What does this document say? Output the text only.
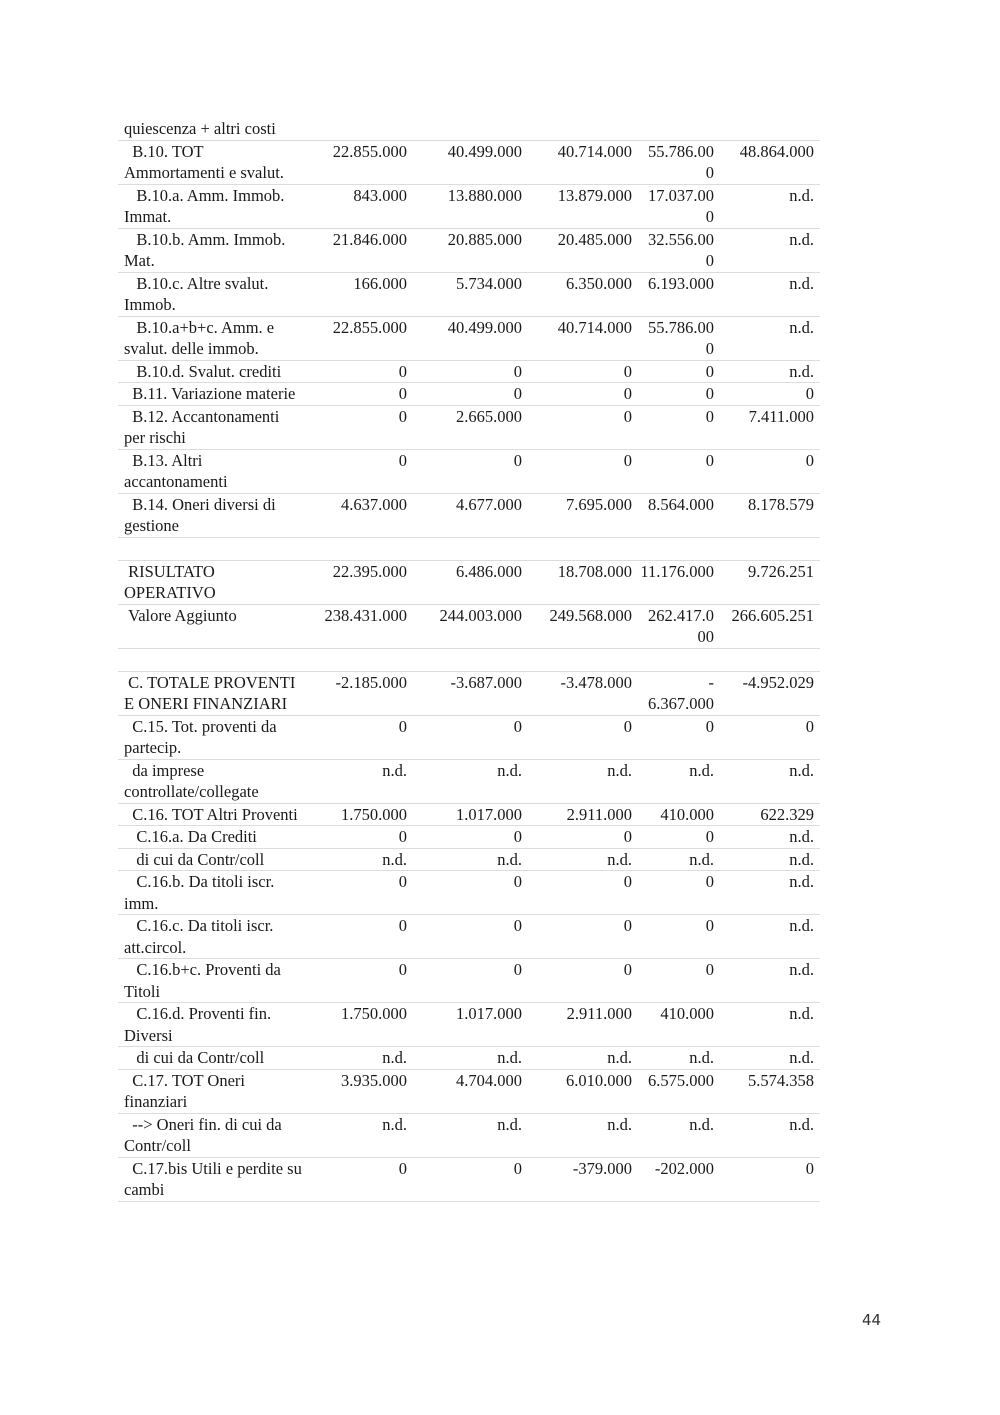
quiescenza + altri costi					
B.10. TOT Ammortamenti e svalut.	22.855.000	40.499.000	40.714.000	55.786.000	48.864.000
B.10.a. Amm. Immob. Immat.	843.000	13.880.000	13.879.000	17.037.000	n.d.
B.10.b. Amm. Immob. Mat.	21.846.000	20.885.000	20.485.000	32.556.000	n.d.
B.10.c. Altre svalut. Immob.	166.000	5.734.000	6.350.000	6.193.000	n.d.
B.10.a+b+c. Amm. e svalut. delle immob.	22.855.000	40.499.000	40.714.000	55.786.000	n.d.
B.10.d. Svalut. crediti	0	0	0	0	n.d.
B.11. Variazione materie	0	0	0	0	0
B.12. Accantonamenti per rischi	0	2.665.000	0	0	7.411.000
B.13. Altri accantonamenti	0	0	0	0	0
B.14. Oneri diversi di gestione	4.637.000	4.677.000	7.695.000	8.564.000	8.178.579

RISULTATO OPERATIVO	22.395.000	6.486.000	18.708.000	11.176.000	9.726.251
Valore Aggiunto	238.431.000	244.003.000	249.568.000	262.417.000	266.605.251

C. TOTALE PROVENTI E ONERI FINANZIARI	-2.185.000	-3.687.000	-3.478.000	- 6.367.000	-4.952.029
C.15. Tot. proventi da partecip.	0	0	0	0	0
da imprese controllate/collegate	n.d.	n.d.	n.d.	n.d.	n.d.
C.16. TOT Altri Proventi	1.750.000	1.017.000	2.911.000	410.000	622.329
C.16.a. Da Crediti	0	0	0	0	n.d.
di cui da Contr/coll	n.d.	n.d.	n.d.	n.d.	n.d.
C.16.b. Da titoli iscr. imm.	0	0	0	0	n.d.
C.16.c. Da titoli iscr. att.circol.	0	0	0	0	n.d.
C.16.b+c. Proventi da Titoli	0	0	0	0	n.d.
C.16.d. Proventi fin. Diversi	1.750.000	1.017.000	2.911.000	410.000	n.d.
di cui da Contr/coll	n.d.	n.d.	n.d.	n.d.	n.d.
C.17. TOT Oneri finanziari	3.935.000	4.704.000	6.010.000	6.575.000	5.574.358
--> Oneri fin. di cui da Contr/coll	n.d.	n.d.	n.d.	n.d.	n.d.
C.17.bis Utili e perdite su cambi	0	0	-379.000	-202.000	0
44
